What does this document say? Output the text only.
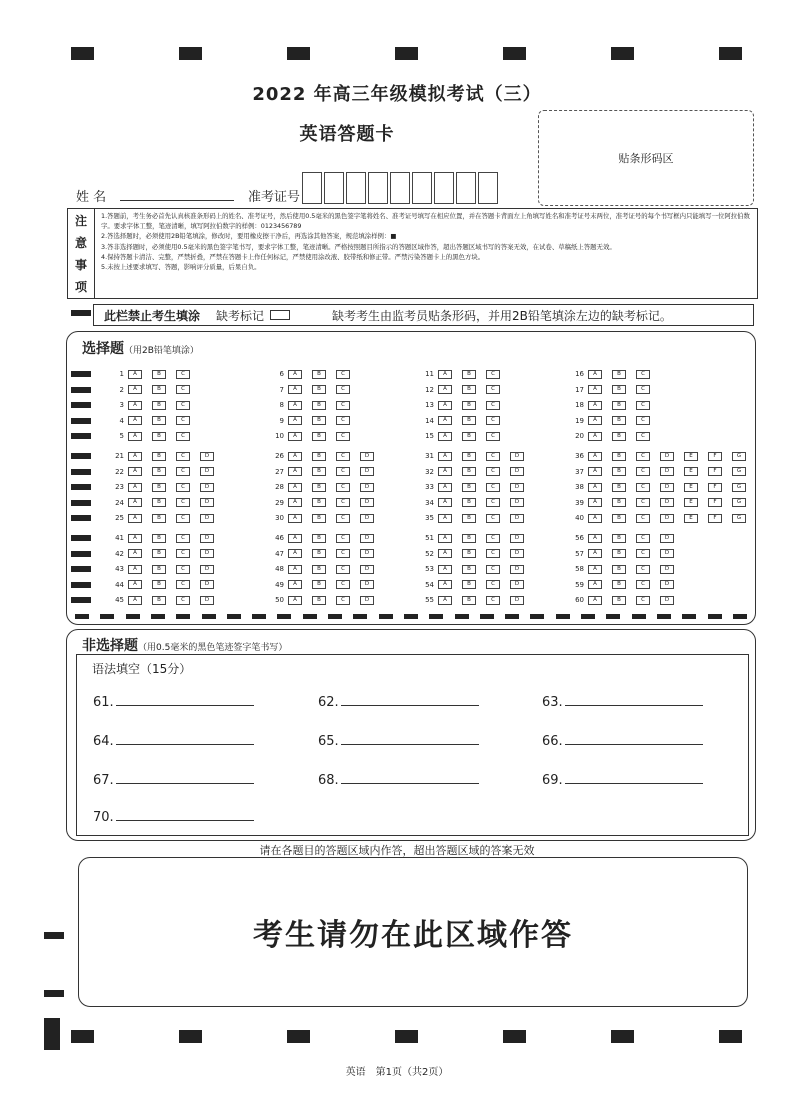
2022 年高三年级模拟考试（三）
英语答题卡
贴条形码区
姓 名	准考证号
注
意
事
项
1.答题前，考生务必首先认真核准条形码上的姓名、准考证号，然后使用0.5毫米的黑色签字笔将姓名、准考证号填写在相应位置，并在答题卡背面左上角填写姓名和准考证号末两位，准考证号的每个书写框内只能填写一位阿拉伯数字。要求字体工整，笔迹清晰，填写阿拉伯数字的样例：0123456789
2.答选择题时，必须使用2B铅笔填涂，修改时，要用橡皮擦干净后，再选涂其他答案，规范填涂样例：■
3.答非选择题时，必须使用0.5毫米的黑色签字笔书写，要求字体工整，笔迹清晰。严格按照题目所指示的答题区域作答，超出答题区域书写的答案无效，在试卷、草稿纸上答题无效。
4.保持答题卡清洁、完整，严禁折叠，严禁在答题卡上作任何标记，严禁使用涂改液、胶带纸和修正带。严禁污染答题卡上的黑色方块。
5.未按上述要求填写、答题，影响评分质量，后果自负。
此栏禁止考生填涂 缺考标记	缺考考生由监考员贴条形码，并用2B铅笔填涂左边的缺考标记。
选择题（用2B铅笔填涂）
1	A	B	C	6	A	B	C	11	A	B	C	16	A	B	C
2	A	B	C	7	A	B	C	12	A	B	C	17	A	B	C
3	A	B	C	8	A	B	C	13	A	B	C	18	A	B	C
4	A	B	C	9	A	B	C	14	A	B	C	19	A	B	C
5	A	B	C	10	A	B	C	15	A	B	C	20	A	B	C
21	A	B	C	D	26	A	B	C	D	31	A	B	C	D	36	A	B	C	D	E	F	G
22	A	B	C	D	27	A	B	C	D	32	A	B	C	D	37	A	B	C	D	E	F	G
23	A	B	C	D	28	A	B	C	D	33	A	B	C	D	38	A	B	C	D	E	F	G
24	A	B	C	D	29	A	B	C	D	34	A	B	C	D	39	A	B	C	D	E	F	G
25	A	B	C	D	30	A	B	C	D	35	A	B	C	D	40	A	B	C	D	E	F	G
41	A	B	C	D	46	A	B	C	D	51	A	B	C	D	56	A	B	C	D
42	A	B	C	D	47	A	B	C	D	52	A	B	C	D	57	A	B	C	D
43	A	B	C	D	48	A	B	C	D	53	A	B	C	D	58	A	B	C	D
44	A	B	C	D	49	A	B	C	D	54	A	B	C	D	59	A	B	C	D
45	A	B	C	D	50	A	B	C	D	55	A	B	C	D	60	A	B	C	D
非选择题（用0.5毫米的黑色笔迹签字笔书写）
语法填空（15分）
61.	62.	63.
64.	65.	66.
67.	68.	69.
70.
请在各题目的答题区域内作答，超出答题区域的答案无效
考生请勿在此区域作答
英语　第1页（共2页）
